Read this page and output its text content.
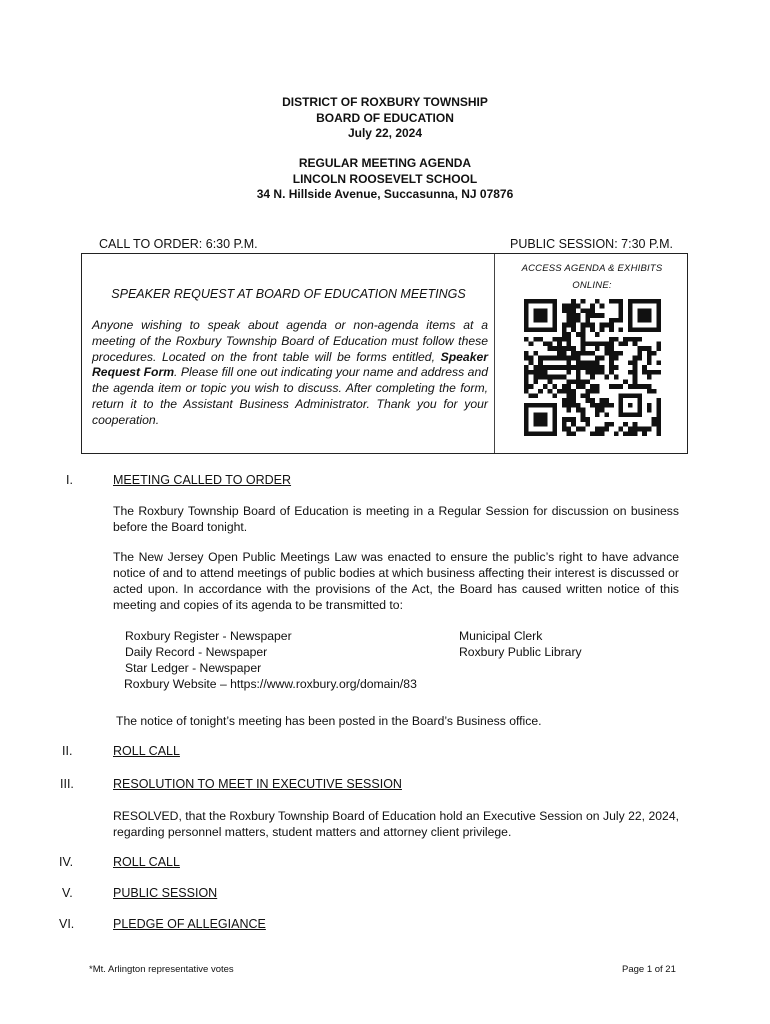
DISTRICT OF ROXBURY TOWNSHIP
BOARD OF EDUCATION
July 22, 2024
REGULAR MEETING AGENDA
LINCOLN ROOSEVELT SCHOOL
34 N. Hillside Avenue, Succasunna, NJ 07876
CALL TO ORDER: 6:30 P.M.	PUBLIC SESSION: 7:30 P.M.
SPEAKER REQUEST AT BOARD OF EDUCATION MEETINGS
Anyone wishing to speak about agenda or non-agenda items at a meeting of the Roxbury Township Board of Education must follow these procedures. Located on the front table will be forms entitled, Speaker Request Form. Please fill one out indicating your name and address and the agenda item or topic you wish to discuss. After completing the form, return it to the Assistant Business Administrator. Thank you for your cooperation.
ACCESS AGENDA & EXHIBITS
ONLINE:
I.	MEETING CALLED TO ORDER
The Roxbury Township Board of Education is meeting in a Regular Session for discussion on business before the Board tonight.
The New Jersey Open Public Meetings Law was enacted to ensure the public’s right to have advance notice of and to attend meetings of public bodies at which business affecting their interest is discussed or acted upon. In accordance with the provisions of the Act, the Board has caused written notice of this meeting and copies of its agenda to be transmitted to:
Roxbury Register - Newspaper
Daily Record - Newspaper
Star Ledger - Newspaper
Roxbury Website – https://www.roxbury.org/domain/83
Municipal Clerk
Roxbury Public Library
The notice of tonight’s meeting has been posted in the Board’s Business office.
II.	ROLL CALL
III.	RESOLUTION TO MEET IN EXECUTIVE SESSION
RESOLVED, that the Roxbury Township Board of Education hold an Executive Session on July 22, 2024, regarding personnel matters, student matters and attorney client privilege.
IV.	ROLL CALL
V.	PUBLIC SESSION
VI.	PLEDGE OF ALLEGIANCE
*Mt. Arlington representative votes	Page 1 of 21
